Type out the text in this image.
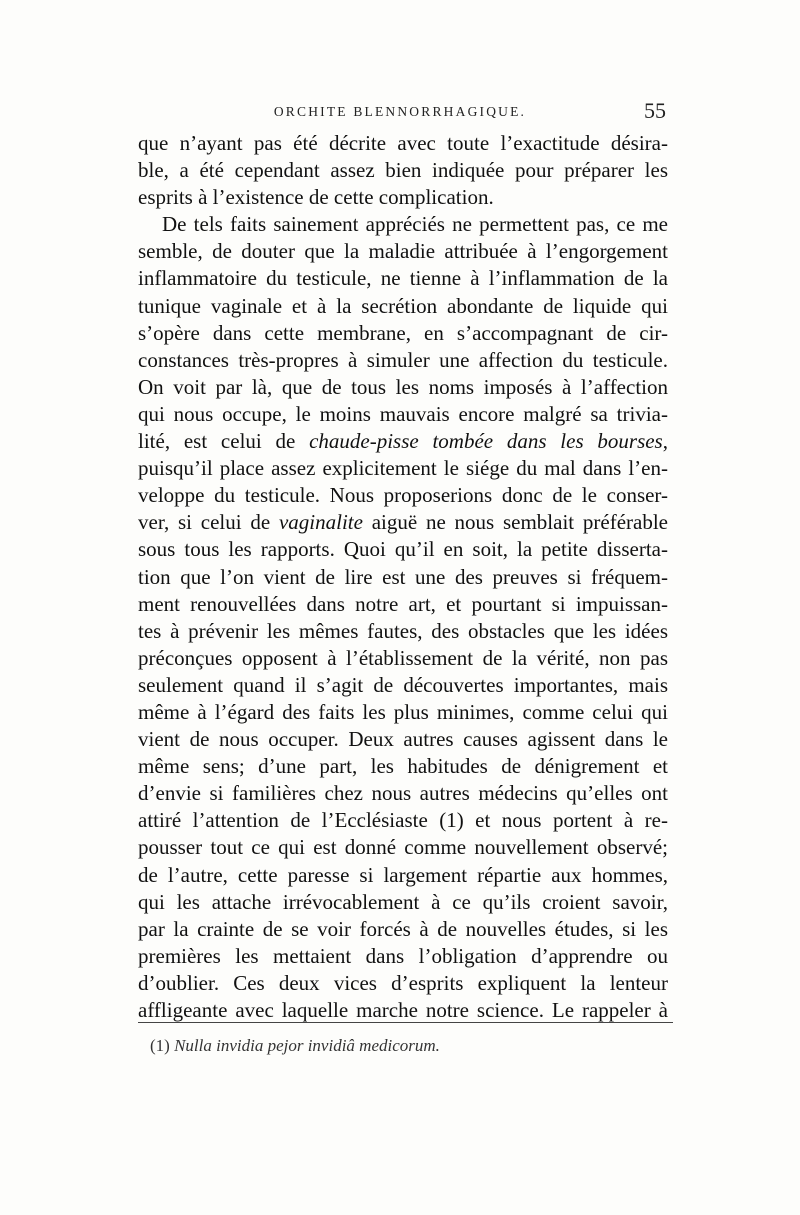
ORCHITE BLENNORRHAGIQUE.	55
que n’ayant pas été décrite avec toute l’exactitude désira-
ble, a été cependant assez bien indiquée pour préparer les
esprits à l’existence de cette complication.
De tels faits sainement appréciés ne permettent pas, ce me
semble, de douter que la maladie attribuée à l’engorgement
inflammatoire du testicule, ne tienne à l’inflammation de la
tunique vaginale et à la secrétion abondante de liquide qui
s’opère dans cette membrane, en s’accompagnant de cir-
constances très-propres à simuler une affection du testicule.
On voit par là, que de tous les noms imposés à l’affection
qui nous occupe, le moins mauvais encore malgré sa trivia-
lité, est celui de chaude-pisse tombée dans les bourses,
puisqu’il place assez explicitement le siége du mal dans l’en-
veloppe du testicule. Nous proposerions donc de le conser-
ver, si celui de vaginalite aiguë ne nous semblait préférable
sous tous les rapports. Quoi qu’il en soit, la petite disserta-
tion que l’on vient de lire est une des preuves si fréquem-
ment renouvellées dans notre art, et pourtant si impuissan-
tes à prévenir les mêmes fautes, des obstacles que les idées
préconçues opposent à l’établissement de la vérité, non pas
seulement quand il s’agit de découvertes importantes, mais
même à l’égard des faits les plus minimes, comme celui qui
vient de nous occuper. Deux autres causes agissent dans le
même sens; d’une part, les habitudes de dénigrement et
d’envie si familières chez nous autres médecins qu’elles ont
attiré l’attention de l’Ecclésiaste (1) et nous portent à re-
pousser tout ce qui est donné comme nouvellement observé;
de l’autre, cette paresse si largement répartie aux hommes,
qui les attache irrévocablement à ce qu’ils croient savoir,
par la crainte de se voir forcés à de nouvelles études, si les
premières les mettaient dans l’obligation d’apprendre ou
d’oublier. Ces deux vices d’esprits expliquent la lenteur
affligeante avec laquelle marche notre science. Le rappeler à
(1) Nulla invidia pejor invidiâ medicorum.
